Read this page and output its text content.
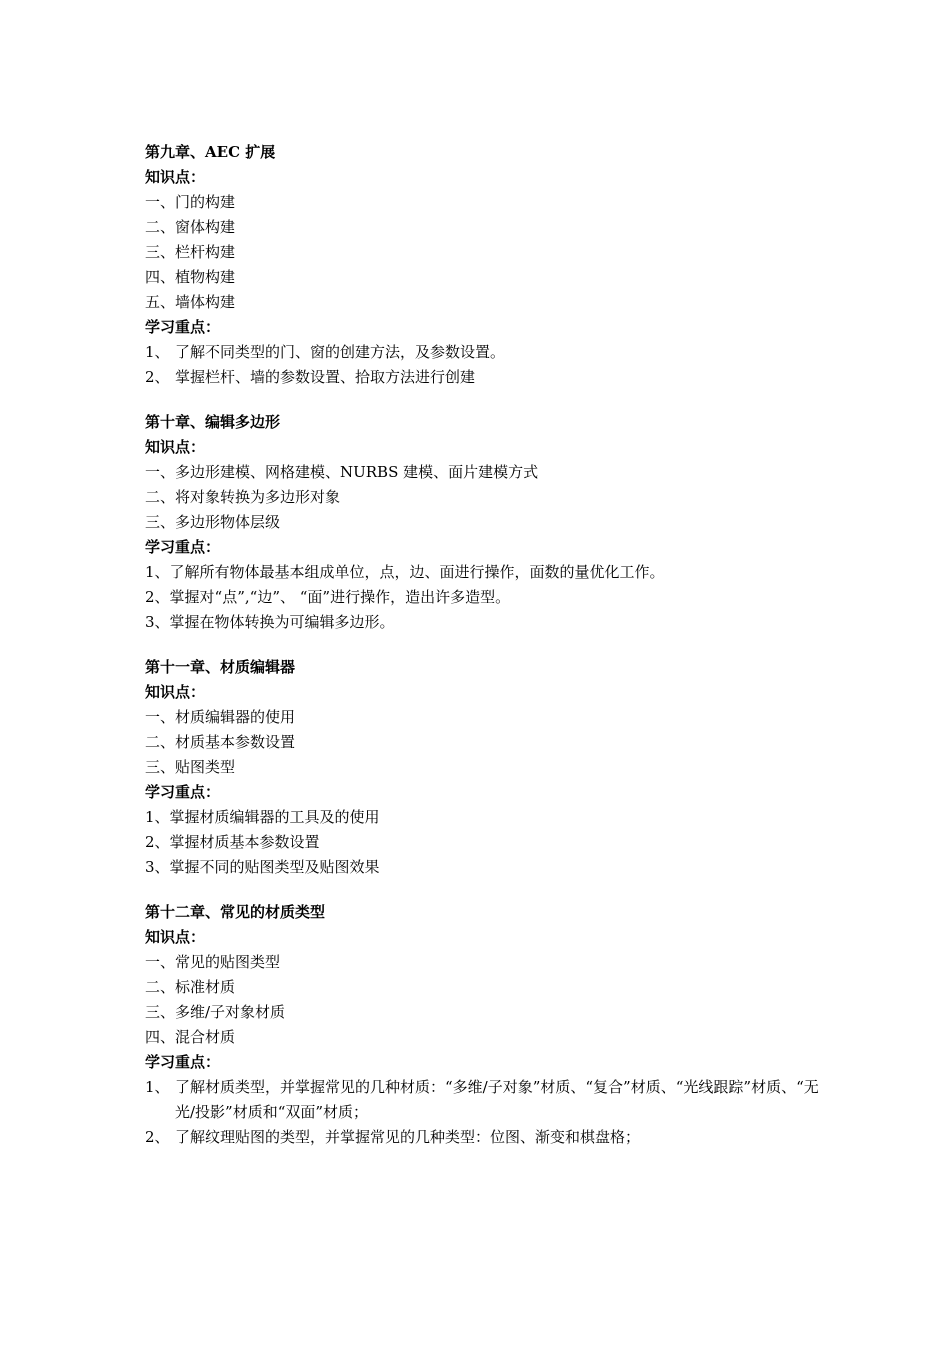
第九章、AEC 扩展
知识点：
一、门的构建
二、窗体构建
三、栏杆构建
四、植物构建
五、墙体构建
学习重点：
1、 了解不同类型的门、窗的创建方法，及参数设置。
2、 掌握栏杆、墙的参数设置、拾取方法进行创建
第十章、编辑多边形
知识点：
一、多边形建模、网格建模、NURBS 建模、面片建模方式
二、将对象转换为多边形对象
三、多边形物体层级
学习重点：
1、了解所有物体最基本组成单位，点，边、面进行操作，面数的量优化工作。
2、掌握对“点”,“边”、 “面”进行操作，造出许多造型。
3、掌握在物体转换为可编辑多边形。
第十一章、材质编辑器
知识点：
一、材质编辑器的使用
二、材质基本参数设置
三、贴图类型
学习重点：
1、掌握材质编辑器的工具及的使用
2、掌握材质基本参数设置
3、掌握不同的贴图类型及贴图效果
第十二章、常见的材质类型
知识点：
一、常见的贴图类型
二、标准材质
三、多维/子对象材质
四、混合材质
学习重点：
1、 了解材质类型，并掌握常见的几种材质：“多维/子对象”材质、“复合”材质、“光线跟踪”材质、“无光/投影”材质和“双面”材质；
2、 了解纹理贴图的类型，并掌握常见的几种类型：位图、渐变和棋盘格；
